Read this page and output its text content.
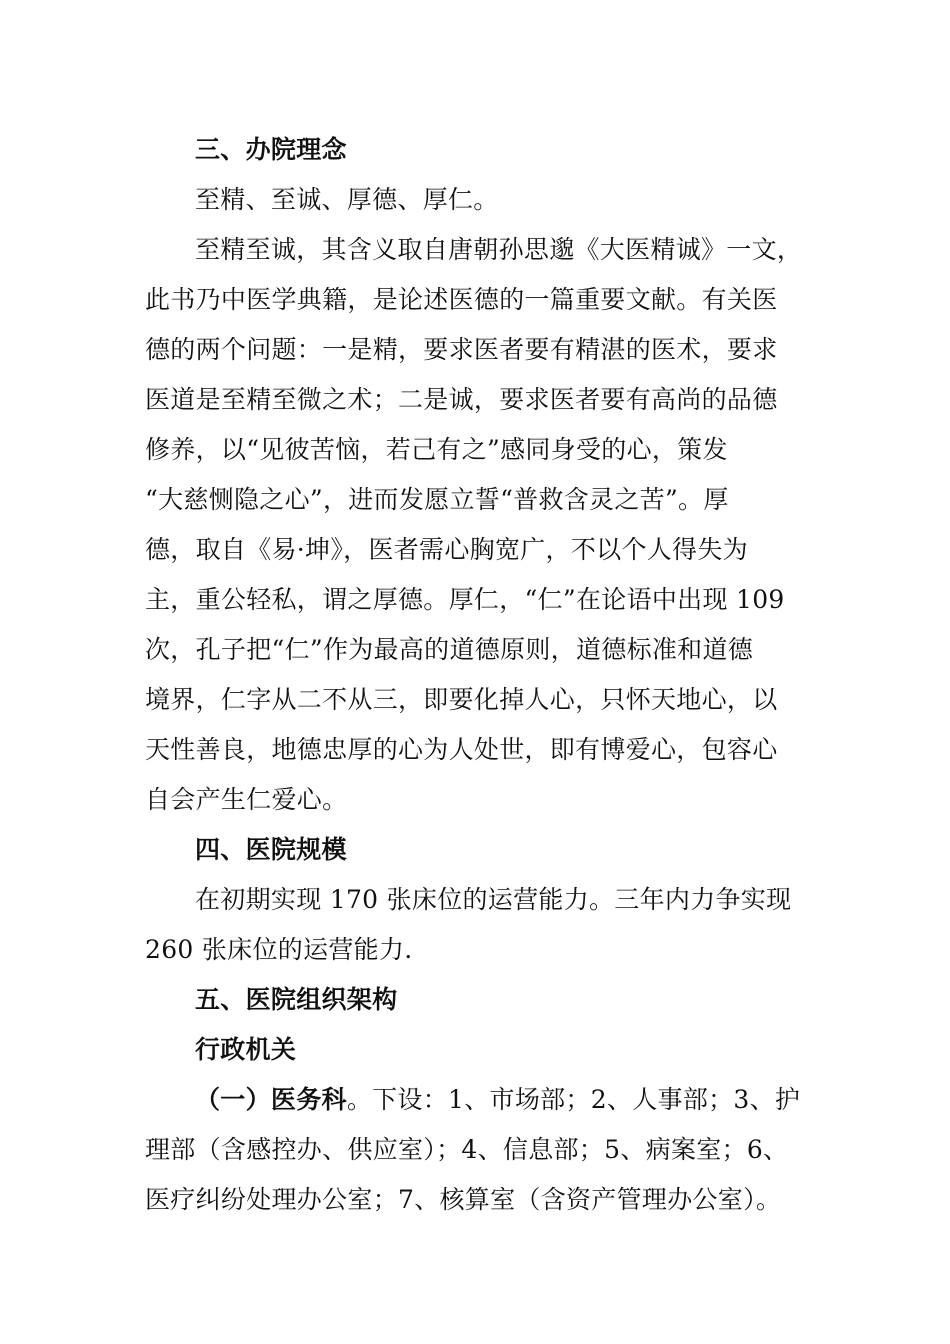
三、办院理念
至精、至诚、厚德、厚仁。
至精至诚，其含义取自唐朝孙思邈《大医精诚》一文，
此书乃中医学典籍，是论述医德的一篇重要文献。有关医
德的两个问题：一是精，要求医者要有精湛的医术，要求
医道是至精至微之术；二是诚，要求医者要有高尚的品德
修养，以“见彼苦恼，若己有之”感同身受的心，策发
“大慈恻隐之心”，进而发愿立誓“普救含灵之苦”。厚
德，取自《易·坤》，医者需心胸宽广，不以个人得失为
主，重公轻私，谓之厚德。厚仁，“仁”在论语中出现 109
次，孔子把“仁”作为最高的道德原则，道德标准和道德
境界，仁字从二不从三，即要化掉人心，只怀天地心，以
天性善良，地德忠厚的心为人处世，即有博爱心，包容心
自会产生仁爱心。
四、医院规模
在初期实现 170 张床位的运营能力。三年内力争实现
260 张床位的运营能力.
五、医院组织架构
行政机关
（一）医务科。下设：1、市场部；2、人事部；3、护
理部（含感控办、供应室）；4、信息部；5、病案室；6、
医疗纠纷处理办公室；7、核算室（含资产管理办公室）。
